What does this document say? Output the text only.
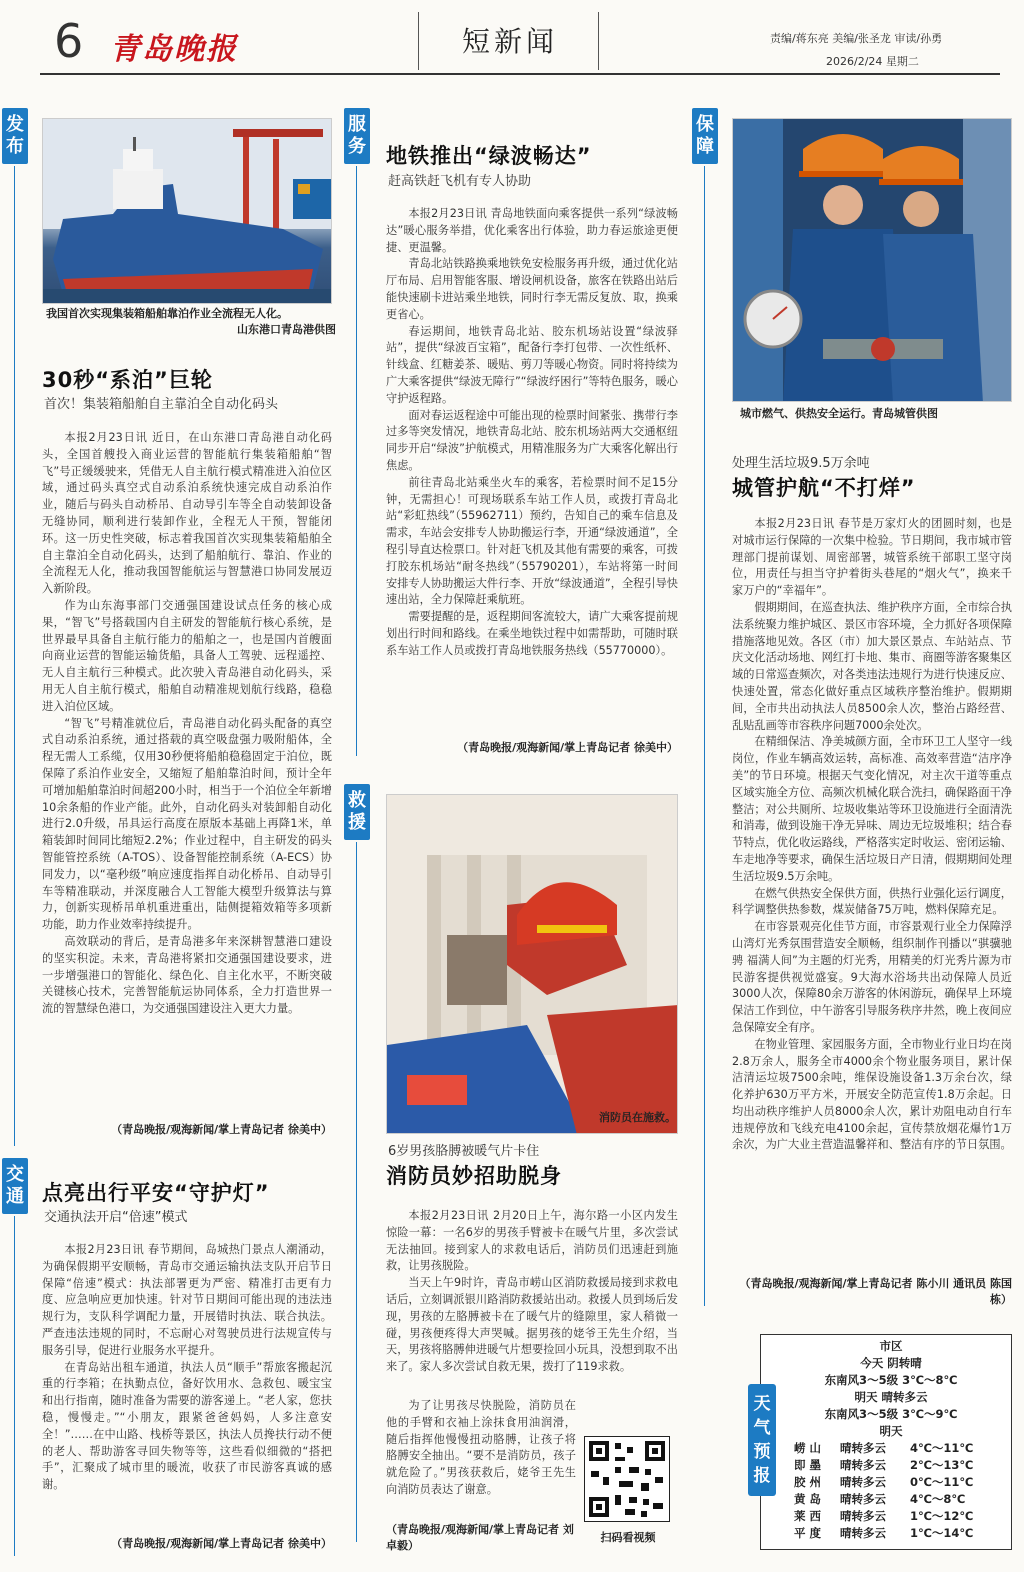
6 青岛晚报	短新闻	责编/蒋东亮 美编/张圣龙 审读/孙勇
2026/2/24 星期二
发布
我国首次实现集装箱船舶靠泊作业全流程无人化。
山东港口青岛港供图
30秒“系泊”巨轮
首次！集装箱船舶自主靠泊全自动化码头

本报2月23日讯 近日，在山东港口青岛港自动化码头，全国首艘投入商业运营的智能航行集装箱船舶“智飞”号正缓缓驶来，凭借无人自主航行模式精准进入泊位区域，通过码头真空式自动系泊系统快速完成自动系泊作业，随后与码头自动桥吊、自动导引车等全自动装卸设备无缝协同，顺利进行装卸作业，全程无人干预，智能闭环。这一历史性突破，标志着我国首次实现集装箱船舶全自主靠泊全自动化码头，达到了船舶航行、靠泊、作业的全流程无人化，推动我国智能航运与智慧港口协同发展迈入新阶段。

作为山东海事部门交通强国建设试点任务的核心成果，“智飞”号搭载国内自主研发的智能航行核心系统，是世界最早具备自主航行能力的船舶之一，也是国内首艘面向商业运营的智能运输货船，具备人工驾驶、远程遥控、无人自主航行三种模式。此次驶入青岛港自动化码头，采用无人自主航行模式，船舶自动精准规划航行线路，稳稳进入泊位区域。

“智飞”号精准就位后，青岛港自动化码头配备的真空式自动系泊系统，通过搭载的真空吸盘强力吸附船体，全程无需人工系缆，仅用30秒便将船舶稳稳固定于泊位，既保障了系泊作业安全，又缩短了船舶靠泊时间，预计全年可增加船舶靠泊时间超200小时，相当于一个泊位全年新增10余条船的作业产能。此外，自动化码头对装卸船自动化进行2.0升级，吊具运行高度在原版本基础上再降1米，单箱装卸时间同比缩短2.2%；作业过程中，自主研发的码头智能管控系统（A-TOS）、设备智能控制系统（A-ECS）协同发力，以“毫秒级”响应速度指挥自动化桥吊、自动导引车等精准联动，并深度融合人工智能大模型升级算法与算力，创新实现桥吊单机重进重出，陆侧提箱效箱等多项新功能，助力作业效率持续提升。

高效联动的背后，是青岛港多年来深耕智慧港口建设的坚实积淀。未来，青岛港将紧扣交通强国建设要求，进一步增强港口的智能化、绿色化、自主化水平，不断突破关键核心技术，完善智能航运协同体系，全力打造世界一流的智慧绿色港口，为交通强国建设注入更大力量。

（青岛晚报/观海新闻/掌上青岛记者 徐美中）
交通 点亮出行平安“守护灯”
交通执法开启“倍速”模式

本报2月23日讯 春节期间，岛城热门景点人潮涌动，为确保假期平安顺畅，青岛市交通运输执法支队开启节日保障“倍速”模式：执法部署更为严密、精准打击更有力度、应急响应更加快速。针对节日期间可能出现的违法违规行为，支队科学调配力量，开展错时执法、联合执法。严查违法违规的同时，不忘耐心对驾驶员进行法规宣传与服务引导，促进行业服务水平提升。

在青岛站出租车通道，执法人员“顺手”帮旅客搬起沉重的行李箱；在执勤点位，备好饮用水、急救包、暖宝宝和出行指南，随时准备为需要的游客递上。“老人家，您扶稳，慢慢走。”“小朋友，跟紧爸爸妈妈，人多注意安全！”……在中山路、栈桥等景区，执法人员搀扶行动不便的老人、帮助游客寻回失物等等，这些看似细微的“搭把手”，汇聚成了城市里的暖流，收获了市民游客真诚的感谢。

（青岛晚报/观海新闻/掌上青岛记者 徐美中）
服务 地铁推出“绿波畅达”
赶高铁赶飞机有专人协助

本报2月23日讯 青岛地铁面向乘客提供一系列“绿波畅达”暖心服务举措，优化乘客出行体验，助力春运旅途更便捷、更温馨。

青岛北站铁路换乘地铁免安检服务再升级，通过优化站厅布局、启用智能客服、增设闸机设备，旅客在铁路出站后能快速刷卡进站乘坐地铁，同时行李无需反复放、取，换乘更省心。

春运期间，地铁青岛北站、胶东机场站设置“绿波驿站”，提供“绿波百宝箱”，配备行李打包带、一次性纸杯、针线盒、红糖姜茶、暖贴、剪刀等暖心物资。同时将持续为广大乘客提供“绿波无障行”“绿波纾困行”等特色服务，暖心守护返程路。

面对春运返程途中可能出现的检票时间紧张、携带行李过多等突发情况，地铁青岛北站、胶东机场站两大交通枢纽同步开启“绿波”护航模式，用精准服务为广大乘客化解出行焦虑。

前往青岛北站乘坐火车的乘客，若检票时间不足15分钟，无需担心！可现场联系车站工作人员，或拨打青岛北站“彩虹热线”（55962711）预约，告知自己的乘车信息及需求，车站会安排专人协助搬运行李，开通“绿波通道”，全程引导直达检票口。针对赶飞机及其他有需要的乘客，可拨打胶东机场站“耐冬热线”（55790201），车站将第一时间安排专人协助搬运大件行李、开放“绿波通道”，全程引导快速出站，全力保障赶乘航班。

需要提醒的是，返程期间客流较大，请广大乘客提前规划出行时间和路线。在乘坐地铁过程中如需帮助，可随时联系车站工作人员或拨打青岛地铁服务热线（55770000）。

（青岛晚报/观海新闻/掌上青岛记者 徐美中）
救援
消防员在施救。
6岁男孩胳膊被暖气片卡住
消防员妙招助脱身

本报2月23日讯 2月20日上午，海尔路一小区内发生惊险一幕：一名6岁的男孩手臂被卡在暖气片里，多次尝试无法抽回。接到家人的求救电话后，消防员们迅速赶到施救，让男孩脱险。

当天上午9时许，青岛市崂山区消防救援局接到求救电话后，立刻调派银川路消防救援站出动。救援人员到场后发现，男孩的左胳膊被卡在了暖气片的缝隙里，家人稍微一碰，男孩便疼得大声哭喊。据男孩的姥爷王先生介绍，当天，男孩将胳膊伸进暖气片想要捡回小玩具，没想到取不出来了。家人多次尝试自救无果，拨打了119求救。

为了让男孩尽快脱险，消防员在他的手臂和衣袖上涂抹食用油润滑，随后指挥他慢慢扭动胳膊，让孩子将胳膊安全抽出。“要不是消防员，孩子就危险了。”男孩获救后，姥爷王先生向消防员表达了谢意。

（青岛晚报/观海新闻/掌上青岛记者 刘卓毅）
扫码看视频
保障
城市燃气、供热安全运行。青岛城管供图
处理生活垃圾9.5万余吨
城管护航“不打烊”

本报2月23日讯 春节是万家灯火的团圆时刻，也是对城市运行保障的一次集中检验。节日期间，我市城市管理部门提前谋划、周密部署，城管系统干部职工坚守岗位，用责任与担当守护着街头巷尾的“烟火气”，换来千家万户的“幸福年”。

假期期间，在巡查执法、维护秩序方面，全市综合执法系统聚力维护城区、景区市容环境，全力抓好各项保障措施落地见效。各区（市）加大景区景点、车站站点、节庆文化活动场地、网红打卡地、集市、商圈等游客聚集区域的日常巡查频次，对各类违法违规行为进行快速反应、快速处置，常态化做好重点区域秩序整治维护。假期期间，全市共出动执法人员8500余人次，整治占路经营、乱贴乱画等市容秩序问题7000余处次。

在精细保洁、净美城颜方面，全市环卫工人坚守一线岗位，作业车辆高效运转，高标准、高效率营造“洁序净美”的节日环境。根据天气变化情况，对主次干道等重点区域实施全方位、高频次机械化联合洗扫，确保路面干净整洁；对公共厕所、垃圾收集站等环卫设施进行全面清洗和消毒，做到设施干净无异味、周边无垃圾堆积；结合春节特点，优化收运路线，严格落实定时收运、密闭运输、车走地净等要求，确保生活垃圾日产日清，假期期间处理生活垃圾9.5万余吨。

在燃气供热安全保供方面，供热行业强化运行调度，科学调整供热参数，煤炭储备75万吨，燃料保障充足。

在市容景观亮化佳节方面，市容景观行业全力保障浮山湾灯光秀氛围营造安全顺畅，组织制作刊播以“骐骥驰骋 福满人间”为主题的灯光秀，用精美的灯光秀片源为市民游客提供视觉盛宴。9大海水浴场共出动保障人员近3000人次，保障80余万游客的休闲游玩，确保早上环境保洁工作到位，中午游客引导服务秩序井然，晚上夜间应急保障安全有序。

在物业管理、家园服务方面，全市物业行业日均在岗2.8万余人，服务全市4000余个物业服务项目，累计保洁清运垃圾7500余吨，维保设施设备1.3万余台次，绿化养护630万平方米，开展安全防范宣传1.8万余起。日均出动秩序维护人员8000余人次，累计劝阻电动自行车违规停放和飞线充电4100余起，宣传禁放烟花爆竹1万余次，为广大业主营造温馨祥和、整洁有序的节日氛围。

（青岛晚报/观海新闻/掌上青岛记者 陈小川 通讯员 陈国栋）
天气预报
市区
今天 阴转晴
东南风3～5级 3℃～8℃
明天 晴转多云
东南风3～5级 3℃～9℃
明天
崂 山 晴转多云 4℃～11℃
即 墨 晴转多云 2℃～13℃
胶 州 晴转多云 0℃～11℃
黄 岛 晴转多云 4℃～8℃
莱 西 晴转多云 1℃～12℃
平 度 晴转多云 1℃～14℃
